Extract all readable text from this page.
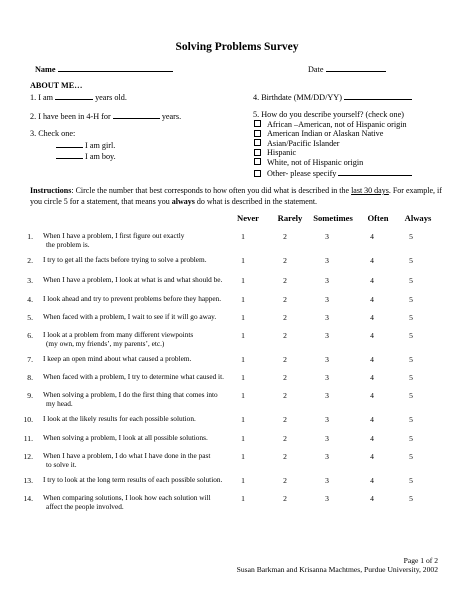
Solving Problems Survey
Name	Date
ABOUT ME…
1. I am	years old.
2. I have been in 4-H for	years.
3. Check one:
I am girl.
I am boy.
4. Birthdate (MM/DD/YY)
5. How do you describe yourself? (check one)
African –American, not of Hispanic origin
American Indian or Alaskan Native
Asian/Pacific Islander
Hispanic
White, not of Hispanic origin
Other- please specify
Instructions: Circle the number that best corresponds to how often you did what is described in the last 30 days. For example, if you circle 5 for a statement, that means you always do what is described in the statement.
Never	Rarely	Sometimes	Often	Always
1. When I have a problem, I first figure out exactly
the problem is.
1	2	3	4	5
2. I try to get all the facts before trying to solve a problem.	1	2	3	4	5
3. When I have a problem, I look at what is and what should be.	1	2	3	4	5
4. I look ahead and try to prevent problems before they happen.	1	2	3	4	5
5. When faced with a problem, I wait to see if it will go away.	1	2	3	4	5
6. I look at a problem from many different viewpoints
(my own, my friends’, my parents’, etc.)
1	2	3	4	5
7. I keep an open mind about what caused a problem.	1	2	3	4	5
8. When faced with a problem, I try to determine what caused it.	1	2	3	4	5
9. When solving a problem, I do the first thing that comes into
my head.
1	2	3	4	5
10. I look at the likely results for each possible solution.	1	2	3	4	5
11. When solving a problem, I look at all possible solutions.	1	2	3	4	5
12. When I have a problem, I do what I have done in the past
to solve it.
1	2	3	4	5
13. I try to look at the long term results of each possible solution.	1	2	3	4	5
14. When comparing solutions, I look how each solution will
affect the people involved.
1	2	3	4	5
Page 1 of 2
Susan Barkman and Krisanna Machtmes, Purdue University, 2002
